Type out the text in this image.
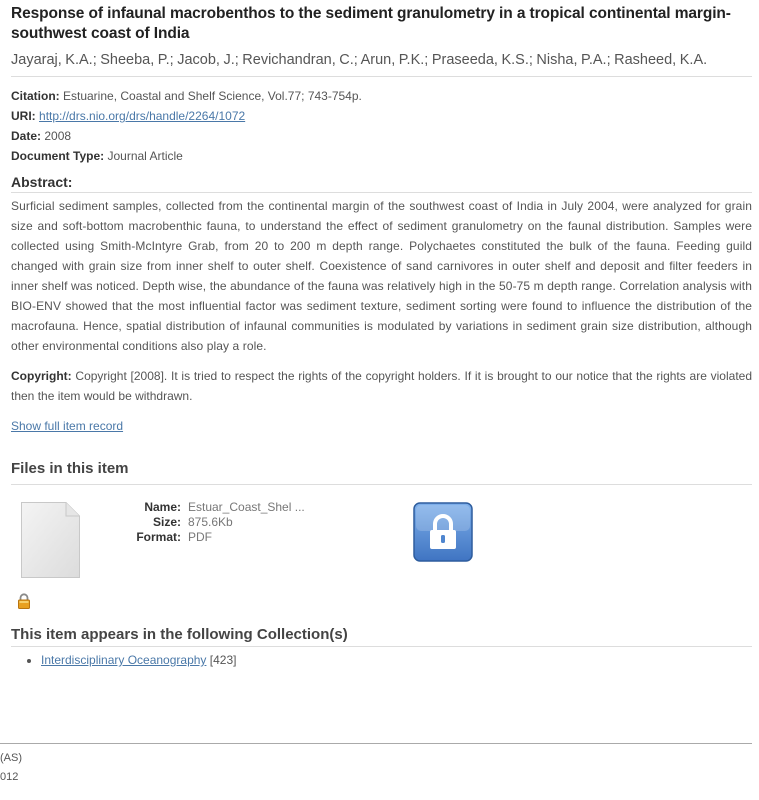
Response of infaunal macrobenthos to the sediment granulometry in a tropical continental margin-southwest coast of India
Jayaraj, K.A.; Sheeba, P.; Jacob, J.; Revichandran, C.; Arun, P.K.; Praseeda, K.S.; Nisha, P.A.; Rasheed, K.A.
Citation: Estuarine, Coastal and Shelf Science, Vol.77; 743-754p.
URI: http://drs.nio.org/drs/handle/2264/1072
Date: 2008
Document Type: Journal Article
Abstract:
Surficial sediment samples, collected from the continental margin of the southwest coast of India in July 2004, were analyzed for grain size and soft-bottom macrobenthic fauna, to understand the effect of sediment granulometry on the faunal distribution. Samples were collected using Smith-McIntyre Grab, from 20 to 200 m depth range. Polychaetes constituted the bulk of the fauna. Feeding guild changed with grain size from inner shelf to outer shelf. Coexistence of sand carnivores in outer shelf and deposit and filter feeders in inner shelf was noticed. Depth wise, the abundance of the fauna was relatively high in the 50-75 m depth range. Correlation analysis with BIO-ENV showed that the most influential factor was sediment texture, sediment sorting were found to influence the distribution of the macrofauna. Hence, spatial distribution of infaunal communities is modulated by variations in sediment grain size distribution, although other environmental conditions also play a role.
Copyright: Copyright [2008]. It is tried to respect the rights of the copyright holders. If it is brought to our notice that the rights are violated then the item would be withdrawn.
Show full item record
Files in this item
Name: Estuar_Coast_Shel ...
Size: 875.6Kb
Format: PDF
This item appears in the following Collection(s)
• Interdisciplinary Oceanography [423]
(AS)
012
